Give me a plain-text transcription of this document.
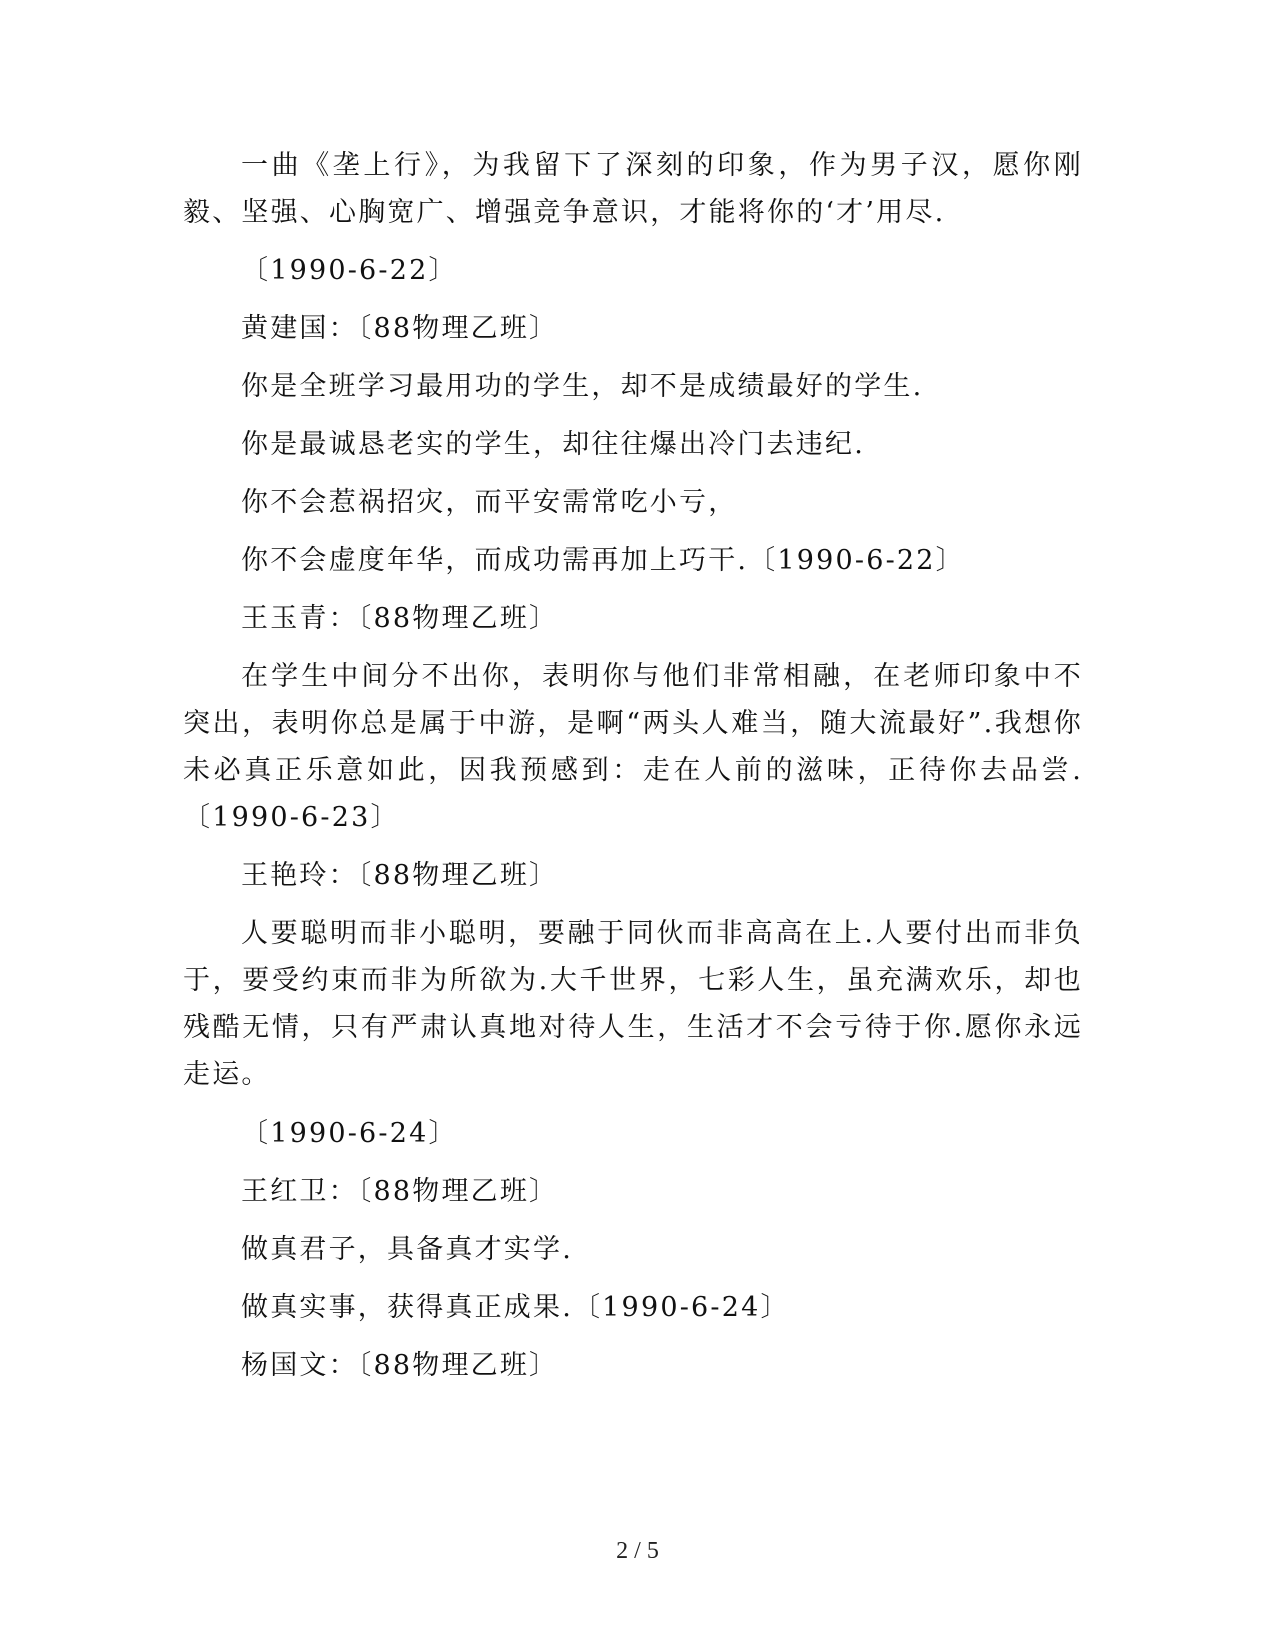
一曲《垄上行》，为我留下了深刻的印象，作为男子汉，愿你刚毅、坚强、心胸宽广、增强竞争意识，才能将你的‘才’用尽.

〔1990-6-22〕

黄建国：〔88物理乙班〕

你是全班学习最用功的学生，却不是成绩最好的学生.

你是最诚恳老实的学生，却往往爆出冷门去违纪.

你不会惹祸招灾，而平安需常吃小亏，

你不会虚度年华，而成功需再加上巧干.〔1990-6-22〕

王玉青：〔88物理乙班〕

在学生中间分不出你，表明你与他们非常相融，在老师印象中不突出，表明你总是属于中游，是啊“两头人难当，随大流最好”.我想你未必真正乐意如此，因我预感到：走在人前的滋味，正待你去品尝.〔1990-6-23〕

王艳玲：〔88物理乙班〕

人要聪明而非小聪明，要融于同伙而非高高在上.人要付出而非负于，要受约束而非为所欲为.大千世界，七彩人生，虽充满欢乐，却也残酷无情，只有严肃认真地对待人生，生活才不会亏待于你.愿你永远走运。

〔1990-6-24〕

王红卫：〔88物理乙班〕

做真君子，具备真才实学.

做真实事，获得真正成果.〔1990-6-24〕

杨国文：〔88物理乙班〕

2 / 5
